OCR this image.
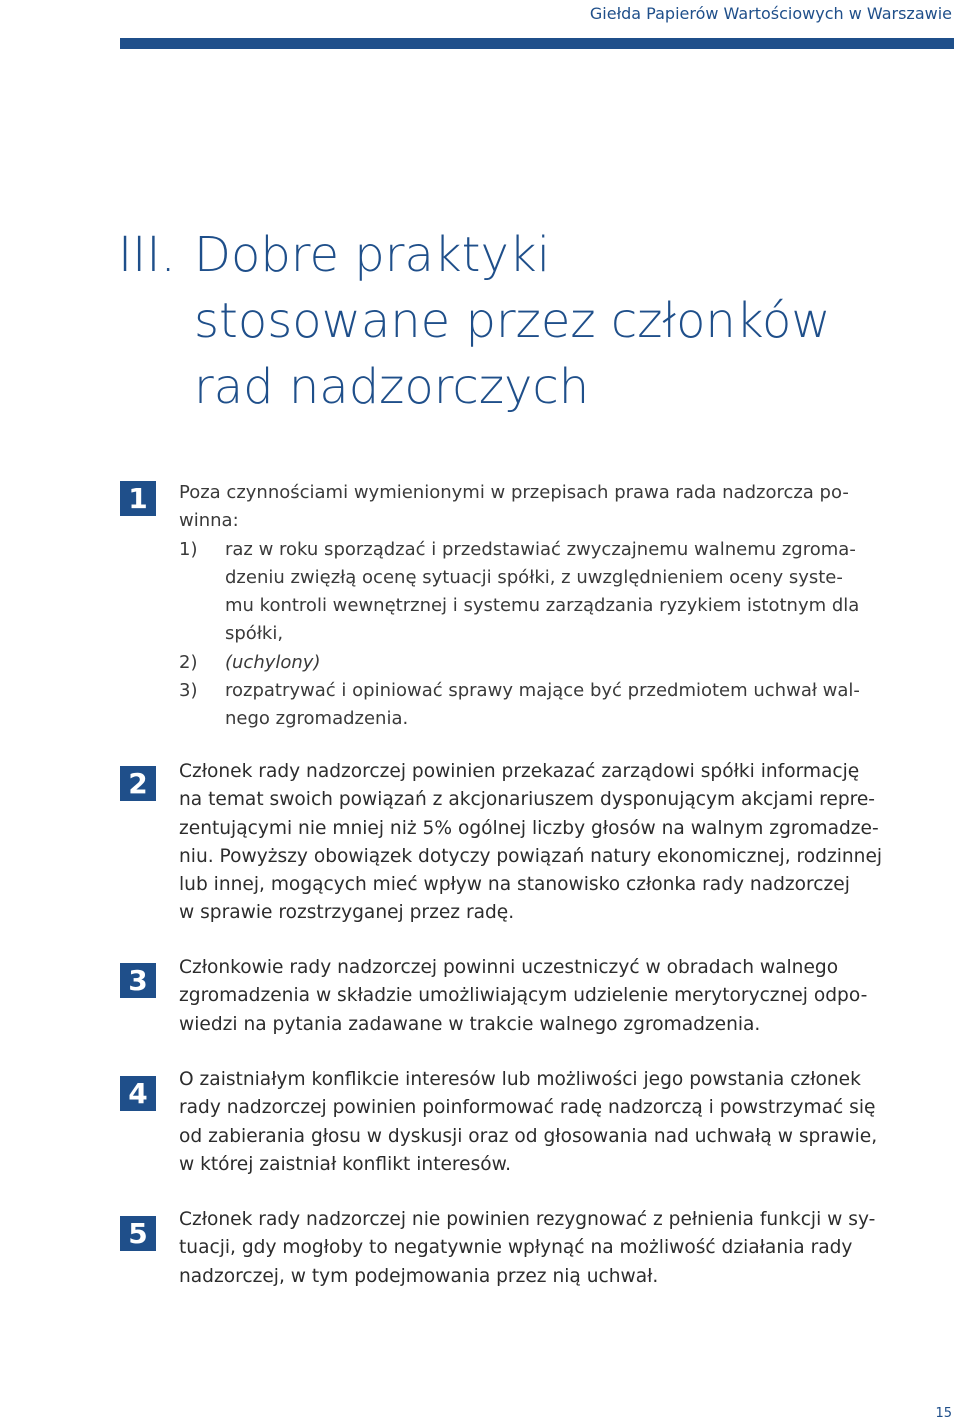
Giełda Papierów Wartościowych w Warszawie
III. Dobre praktyki
stosowane przez członków
rad nadzorczych
1	Poza czynnościami wymienionymi w przepisach prawa rada nadzorcza po-
winna:
1) raz w roku sporządzać i przedstawiać zwyczajnemu walnemu zgroma-
dzeniu zwięzłą ocenę sytuacji spółki, z uwzględnieniem oceny syste-
mu kontroli wewnętrznej i systemu zarządzania ryzykiem istotnym dla
spółki,
2) (uchylony)
3) rozpatrywać i opiniować sprawy mające być przedmiotem uchwał wal-
nego zgromadzenia.
2	Członek rady nadzorczej powinien przekazać zarządowi spółki informację
na temat swoich powiązań z akcjonariuszem dysponującym akcjami repre-
zentującymi nie mniej niż 5% ogólnej liczby głosów na walnym zgromadze-
niu. Powyższy obowiązek dotyczy powiązań natury ekonomicznej, rodzinnej
lub innej, mogących mieć wpływ na stanowisko członka rady nadzorczej
w sprawie rozstrzyganej przez radę.
3	Członkowie rady nadzorczej powinni uczestniczyć w obradach walnego
zgromadzenia w składzie umożliwiającym udzielenie merytorycznej odpo-
wiedzi na pytania zadawane w trakcie walnego zgromadzenia.
4	O zaistniałym konflikcie interesów lub możliwości jego powstania członek
rady nadzorczej powinien poinformować radę nadzorczą i powstrzymać się
od zabierania głosu w dyskusji oraz od głosowania nad uchwałą w sprawie,
w której zaistniał konflikt interesów.
5	Członek rady nadzorczej nie powinien rezygnować z pełnienia funkcji w sy-
tuacji, gdy mogłoby to negatywnie wpłynąć na możliwość działania rady
nadzorczej, w tym podejmowania przez nią uchwał.
15
